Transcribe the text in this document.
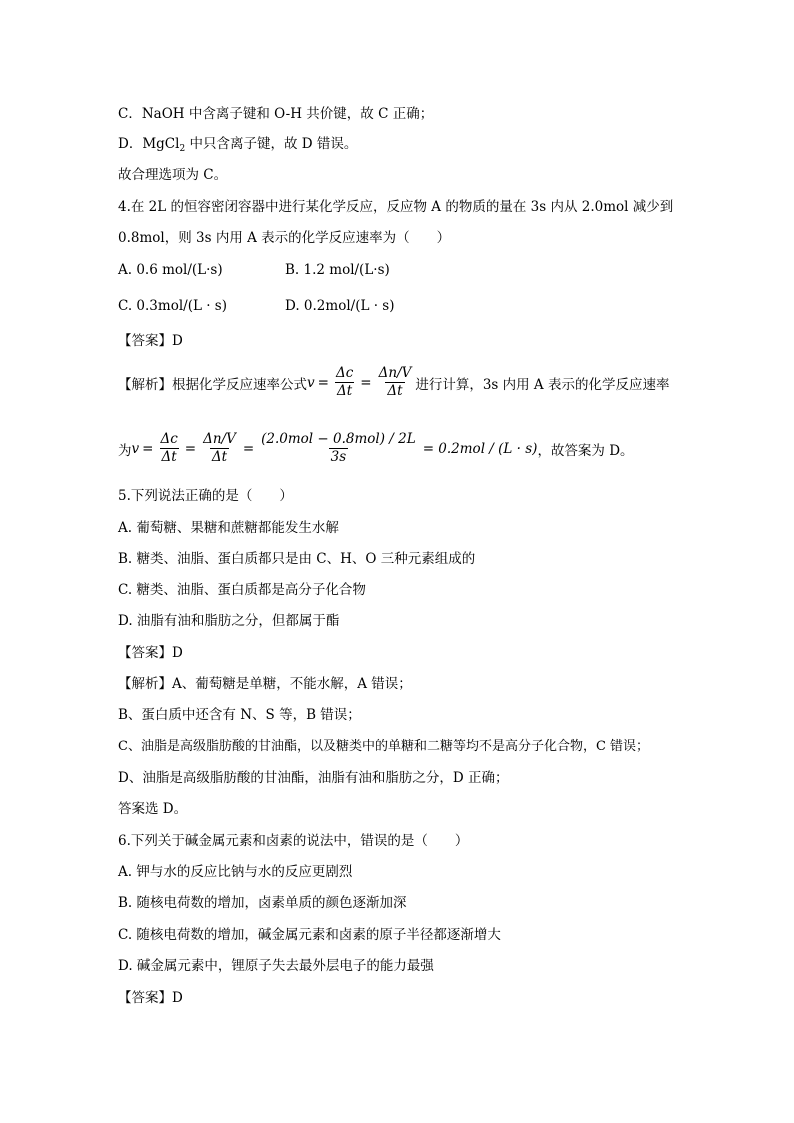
C．NaOH 中含离子键和 O-H 共价键，故 C 正确；
D．MgCl$_2$ 中只含离子键，故 D 错误。
故合理选项为 C。
4.在 2L 的恒容密闭容器中进行某化学反应，反应物 A 的物质的量在 3s 内从 2.0mol 减少到
0.8mol，则 3s 内用 A 表示的化学反应速率为（　　）
A. 0.6 mol/(L·s)	B. 1.2 mol/(L·s)
C. 0.3mol/(L · s)	D. 0.2mol/(L · s)
【答案】D
【解析】根据化学反应速率公式 $v = \frac{\Delta c}{\Delta t} = \frac{\Delta n/V}{\Delta t}$ 进行计算，3s 内用 A 表示的化学反应速率
为 $v = \frac{\Delta c}{\Delta t} = \frac{\Delta n/V}{\Delta t} = \frac{\text{(2.0mol − 0.8mol) / 2L}}{3s} = 0.2mol / (L \cdot s)$ ，故答案为 D。
5.下列说法正确的是（　　）
A. 葡萄糖、果糖和蔗糖都能发生水解
B. 糖类、油脂、蛋白质都只是由 C、H、O 三种元素组成的
C. 糖类、油脂、蛋白质都是高分子化合物
D. 油脂有油和脂肪之分，但都属于酯
【答案】D
【解析】A、葡萄糖是单糖，不能水解，A 错误；
B、蛋白质中还含有 N、S 等，B 错误；
C、油脂是高级脂肪酸的甘油酯，以及糖类中的单糖和二糖等均不是高分子化合物，C 错误；
D、油脂是高级脂肪酸的甘油酯，油脂有油和脂肪之分，D 正确；
答案选 D。
6.下列关于碱金属元素和卤素的说法中，错误的是（　　）
A. 钾与水的反应比钠与水的反应更剧烈
B. 随核电荷数的增加，卤素单质的颜色逐渐加深
C. 随核电荷数的增加，碱金属元素和卤素的原子半径都逐渐增大
D. 碱金属元素中，锂原子失去最外层电子的能力最强
【答案】D
